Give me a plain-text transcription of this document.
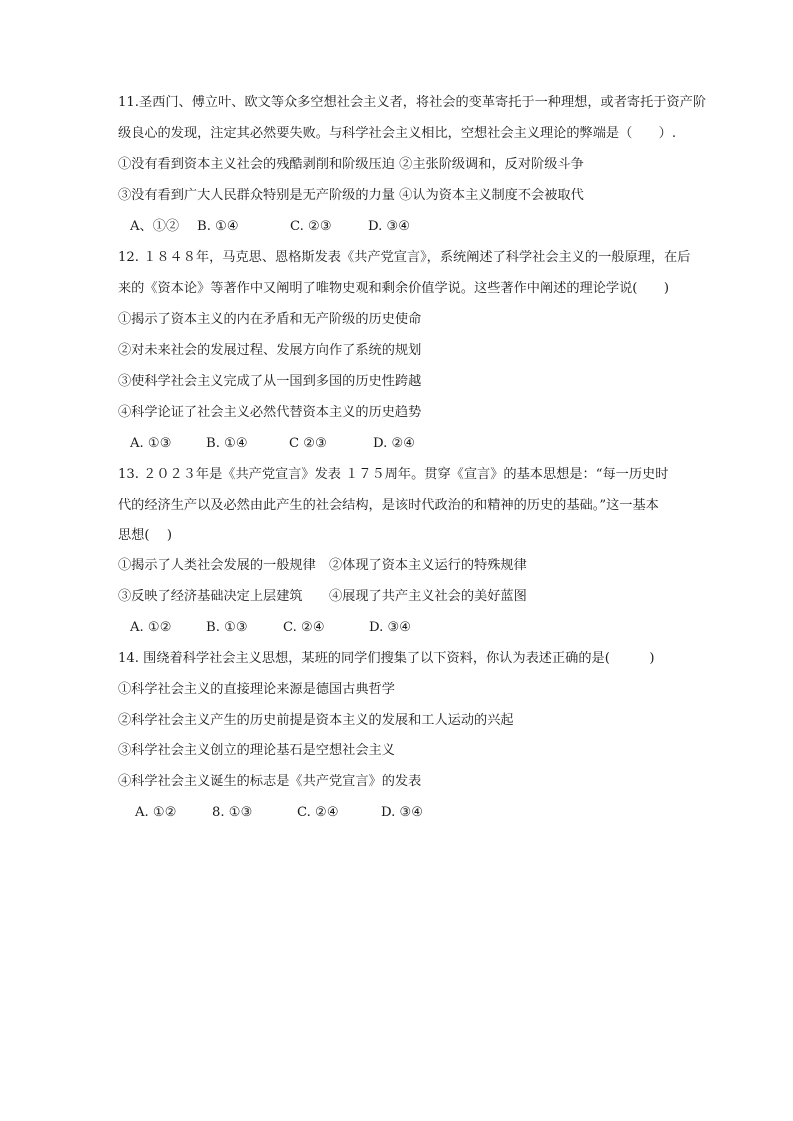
11.圣西门、傅立叶、欧文等众多空想社会主义者，将社会的变革寄托于一种理想，或者寄托于资产阶
级良心的发现，注定其必然要失败。与科学社会主义相比，空想社会主义理论的弊端是（　　）.
①没有看到资本主义社会的残酷剥削和阶级压迫 ②主张阶级调和，反对阶级斗争
③没有看到广大人民群众特别是无产阶级的力量 ④认为资本主义制度不会被取代
A、①② B. ①④	C. ②③	D. ③④
12. １８４８年，马克思、恩格斯发表《共产党宣言》，系统阐述了科学社会主义的一般原理，在后
来的《资本论》等著作中又阐明了唯物史观和剩余价值学说。这些著作中阐述的理论学说(　　)
①揭示了资本主义的内在矛盾和无产阶级的历史使命
②对未来社会的发展过程、发展方向作了系统的规划
③使科学社会主义完成了从一国到多国的历史性跨越
④科学论证了社会主义必然代替资本主义的历史趋势
A. ①③	B. ①④	C ②③	D. ②④
13. ２０２３年是《共产党宣言》发表 １７５周年。贯穿《宣言》的基本思想是：“每一历史时
代的经济生产以及必然由此产生的社会结构，是该时代政治的和精神的历史的基础。”这一基本
思想(　 )
①揭示了人类社会发展的一般规律　②体现了资本主义运行的特殊规律
③反映了经济基础决定上层建筑　　④展现了共产主义社会的美好蓝图
A. ①②	B. ①③	C. ②④	D. ③④
14. 围绕着科学社会主义思想，某班的同学们搜集了以下资料，你认为表述正确的是(　　　)
①科学社会主义的直接理论来源是德国古典哲学
②科学社会主义产生的历史前提是资本主义的发展和工人运动的兴起
③科学社会主义创立的理论基石是空想社会主义
④科学社会主义诞生的标志是《共产党宣言》的发表
A. ①②	8. ①③	C. ②④	D. ③④
